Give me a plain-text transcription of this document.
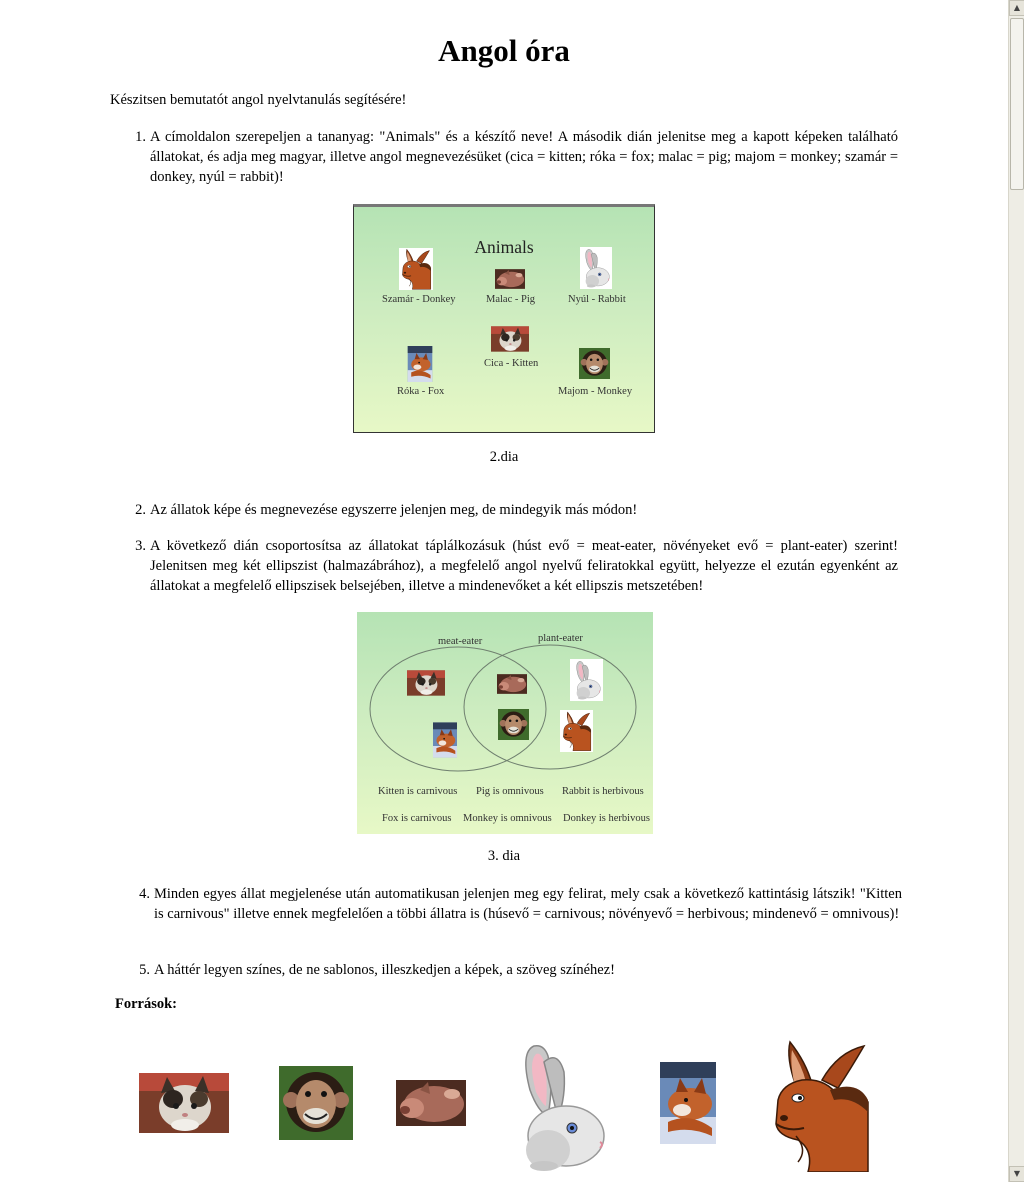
Angol óra

Készitsen bemutatót angol nyelvtanulás segítésére!

1. A címoldalon szerepeljen a tananyag: "Animals" és a készítő neve! A második dián jelenitse meg a kapott képeken található állatokat, és adja meg magyar, illetve angol megnevezésüket (cica = kitten; róka = fox; malac = pig; majom = monkey; szamár = donkey, nyúl = rabbit)!
Animals
Szamár - Donkey	Malac - Pig	Nyúl - Rabbit
Cica - Kitten
Róka - Fox	Majom - Monkey
2.dia
2. Az állatok képe és megnevezése egyszerre jelenjen meg, de mindegyik más módon!
3. A következő dián csoportosítsa az állatokat táplálkozásuk (húst evő = meat-eater, növényeket evő = plant-eater) szerint! Jelenitsen meg két ellipszist (halmazábrához), a megfelelő angol nyelvű feliratokkal együtt, helyezze el ezután egyenként az állatokat a megfelelő ellipszisek belsejében, illetve a mindenevőket a két ellipszis metszetében!
meat-eater	plant-eater
Kitten is carnivous Pig is omnivous Rabbit is herbivous
Fox is carnivous Monkey is omnivous Donkey is herbivous
3. dia
4. Minden egyes állat megjelenése után automatikusan jelenjen meg egy felirat, mely csak a következő kattintásig látszik! "Kitten is carnivous" illetve ennek megfelelően a többi állatra is (húsevő = carnivous; növényevő = herbivous; mindenevő = omnivous)!
5. A háttér legyen színes, de ne sablonos, illeszkedjen a képek, a szöveg színéhez!

Források:

▲
▼
